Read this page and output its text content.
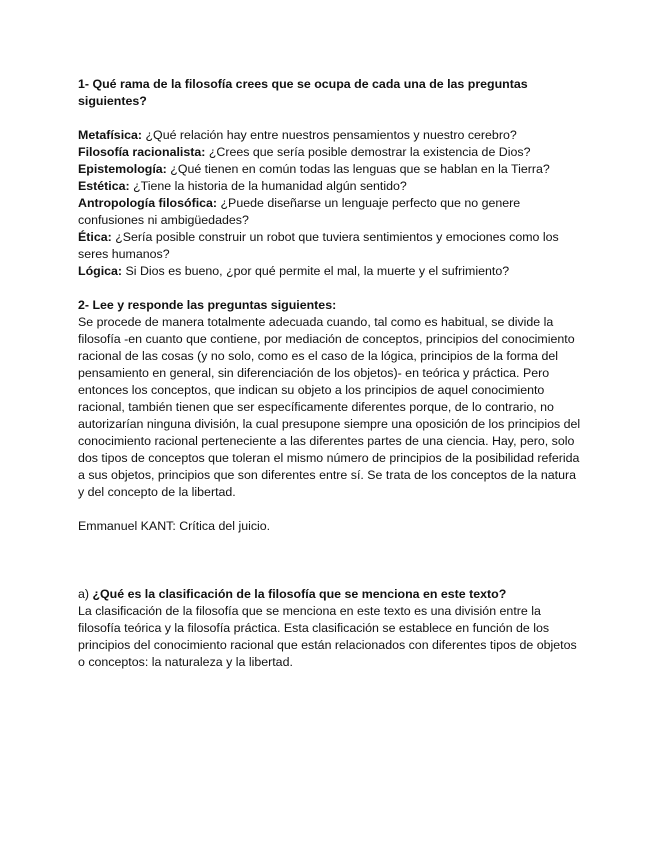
1- Qué rama de la filosofía crees que se ocupa de cada una de las preguntas siguientes?

Metafísica: ¿Qué relación hay entre nuestros pensamientos y nuestro cerebro?

Filosofía racionalista: ¿Crees que sería posible demostrar la existencia de Dios?

Epistemología: ¿Qué tienen en común todas las lenguas que se hablan en la Tierra?

Estética: ¿Tiene la historia de la humanidad algún sentido?

Antropología filosófica: ¿Puede diseñarse un lenguaje perfecto que no genere confusiones ni ambigüedades?

Ética: ¿Sería posible construir un robot que tuviera sentimientos y emociones como los seres humanos?

Lógica: Si Dios es bueno, ¿por qué permite el mal, la muerte y el sufrimiento?

2- Lee y responde las preguntas siguientes:

Se procede de manera totalmente adecuada cuando, tal como es habitual, se divide la filosofía -en cuanto que contiene, por mediación de conceptos, principios del conocimiento racional de las cosas (y no solo, como es el caso de la lógica, principios de la forma del pensamiento en general, sin diferenciación de los objetos)- en teórica y práctica. Pero entonces los conceptos, que indican su objeto a los principios de aquel conocimiento racional, también tienen que ser específicamente diferentes porque, de lo contrario, no autorizarían ninguna división, la cual presupone siempre una oposición de los principios del conocimiento racional perteneciente a las diferentes partes de una ciencia. Hay, pero, solo dos tipos de conceptos que toleran el mismo número de principios de la posibilidad referida a sus objetos, principios que son diferentes entre sí. Se trata de los conceptos de la natura y del concepto de la libertad.

Emmanuel KANT: Crítica del juicio.

a) ¿Qué es la clasificación de la filosofía que se menciona en este texto?

La clasificación de la filosofía que se menciona en este texto es una división entre la filosofía teórica y la filosofía práctica. Esta clasificación se establece en función de los principios del conocimiento racional que están relacionados con diferentes tipos de objetos o conceptos: la naturaleza y la libertad.
